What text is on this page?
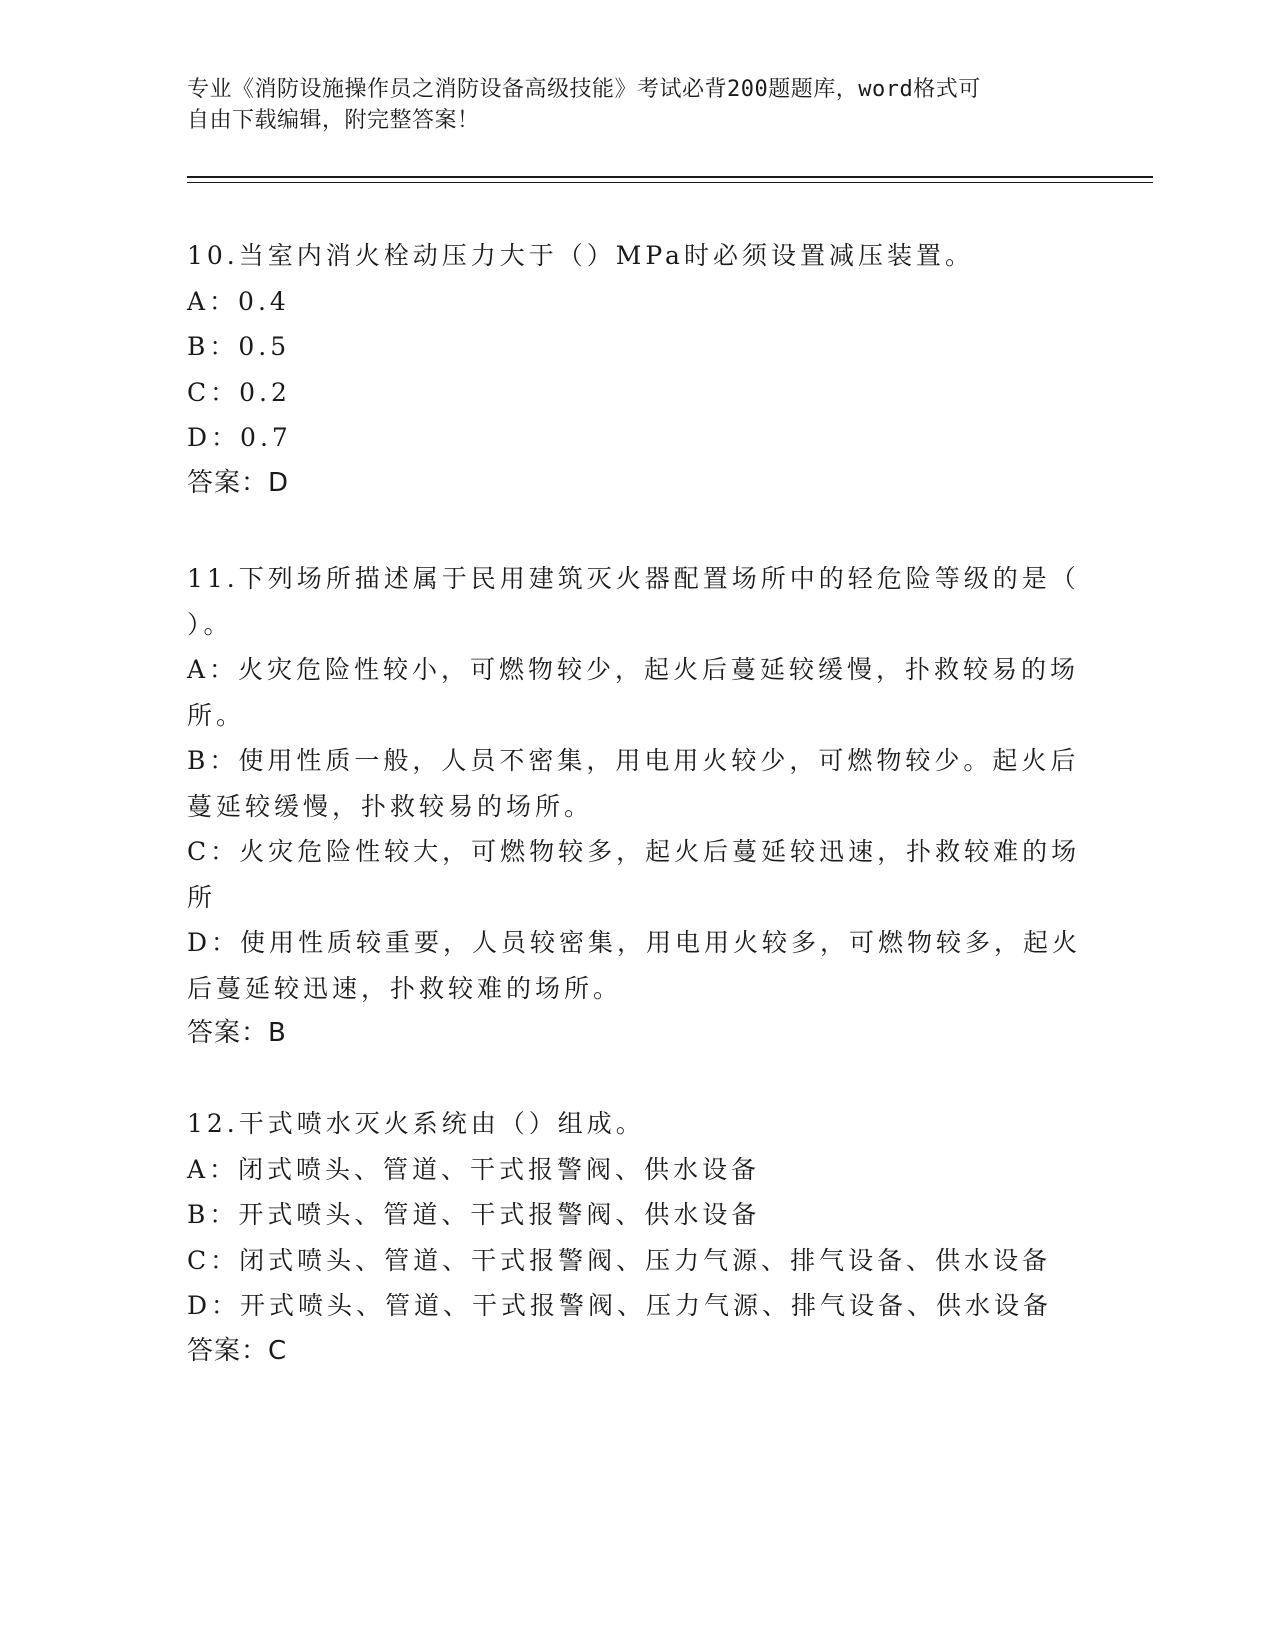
专业《消防设施操作员之消防设备高级技能》考试必背200题题库，word格式可
自由下载编辑，附完整答案！
10.当室内消火栓动压力大于（）MPa时必须设置减压装置。
A：0.4
B：0.5
C：0.2
D：0.7
答案：D
11.下列场所描述属于民用建筑灭火器配置场所中的轻危险等级的是（
）。
A：火灾危险性较小，可燃物较少，起火后蔓延较缓慢，扑救较易的场
所。
B：使用性质一般，人员不密集，用电用火较少，可燃物较少。起火后
蔓延较缓慢，扑救较易的场所。
C：火灾危险性较大，可燃物较多，起火后蔓延较迅速，扑救较难的场
所
D：使用性质较重要，人员较密集，用电用火较多，可燃物较多，起火
后蔓延较迅速，扑救较难的场所。
答案：B
12.干式喷水灭火系统由（）组成。
A：闭式喷头、管道、干式报警阀、供水设备
B：开式喷头、管道、干式报警阀、供水设备
C：闭式喷头、管道、干式报警阀、压力气源、排气设备、供水设备
D：开式喷头、管道、干式报警阀、压力气源、排气设备、供水设备
答案：C
